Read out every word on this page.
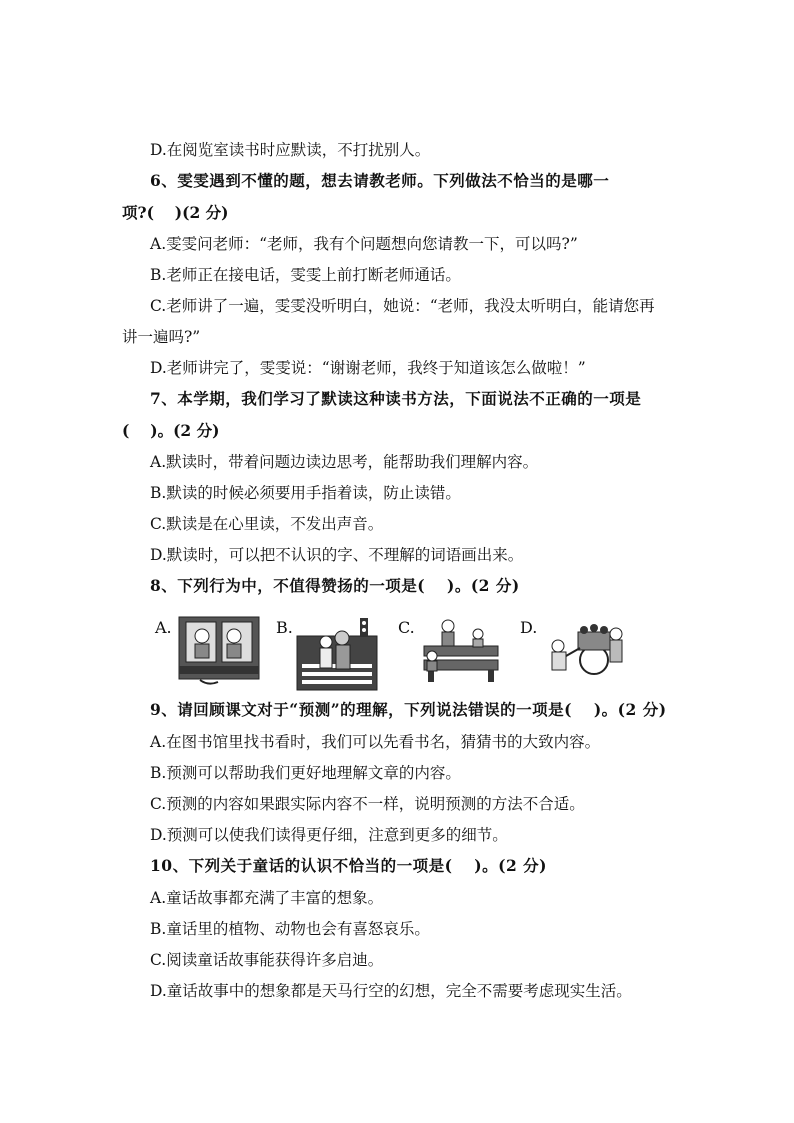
D.在阅览室读书时应默读，不打扰别人。
6、雯雯遇到不懂的题，想去请教老师。下列做法不恰当的是哪一
项?(　 )(2 分)
A.雯雯问老师：“老师，我有个问题想向您请教一下，可以吗?”
B.老师正在接电话，雯雯上前打断老师通话。
C.老师讲了一遍，雯雯没听明白，她说：“老师，我没太听明白，能请您再
讲一遍吗?”
D.老师讲完了，雯雯说：“谢谢老师，我终于知道该怎么做啦！”
7、本学期，我们学习了默读这种读书方法，下面说法不正确的一项是
(　 )。(2 分)
A.默读时，带着问题边读边思考，能帮助我们理解内容。
B.默读的时候必须要用手指着读，防止读错。
C.默读是在心里读，不发出声音。
D.默读时，可以把不认识的字、不理解的词语画出来。
8、下列行为中，不值得赞扬的一项是(　 )。(2 分)
A.	B.	C.	D.
9、请回顾课文对于“预测”的理解，下列说法错误的一项是(　 )。(2 分)
A.在图书馆里找书看时，我们可以先看书名，猜猜书的大致内容。
B.预测可以帮助我们更好地理解文章的内容。
C.预测的内容如果跟实际内容不一样，说明预测的方法不合适。
D.预测可以使我们读得更仔细，注意到更多的细节。
10、下列关于童话的认识不恰当的一项是(　 )。(2 分)
A.童话故事都充满了丰富的想象。
B.童话里的植物、动物也会有喜怒哀乐。
C.阅读童话故事能获得许多启迪。
D.童话故事中的想象都是天马行空的幻想，完全不需要考虑现实生活。
